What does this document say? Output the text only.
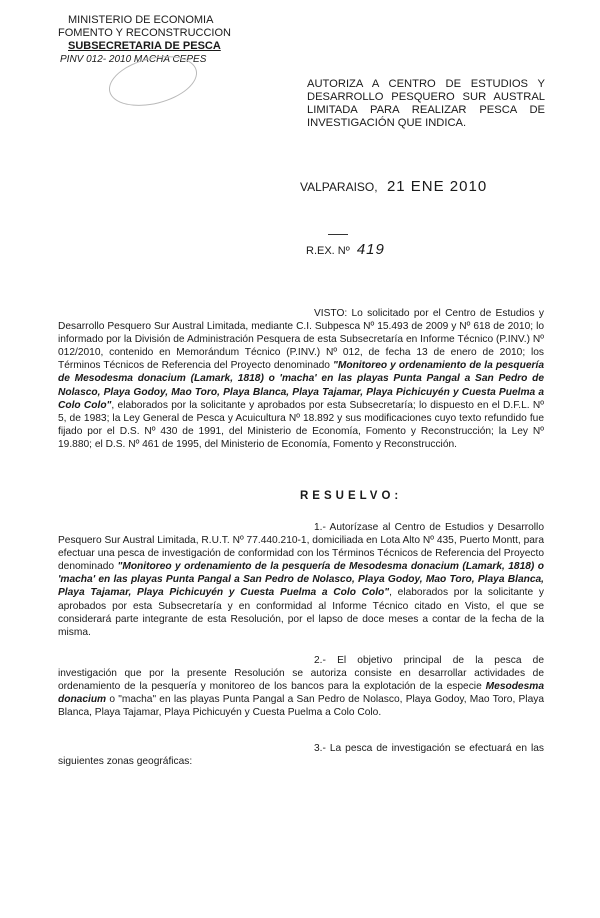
MINISTERIO DE ECONOMIA
FOMENTO Y RECONSTRUCCION
SUBSECRETARIA DE PESCA
PINV 012- 2010 MACHA CEPES
AUTORIZA A CENTRO DE ESTUDIOS Y
DESARROLLO PESQUERO SUR AUSTRAL
LIMITADA PARA REALIZAR PESCA DE
INVESTIGACIÓN QUE INDICA.
VALPARAISO, 21 ENE 2010
R.EX. Nº 419
VISTO: Lo solicitado por el Centro de Estudios y Desarrollo Pesquero Sur Austral Limitada, mediante C.I. Subpesca Nº 15.493 de 2009 y Nº 618 de 2010; lo informado por la División de Administración Pesquera de esta Subsecretaría en Informe Técnico (P.INV.) Nº 012/2010, contenido en Memorándum Técnico (P.INV.) Nº 012, de fecha 13 de enero de 2010; los Términos Técnicos de Referencia del Proyecto denominado "Monitoreo y ordenamiento de la pesquería de Mesodesma donacium (Lamark, 1818) o 'macha' en las playas Punta Pangal a San Pedro de Nolasco, Playa Godoy, Mao Toro, Playa Blanca, Playa Tajamar, Playa Pichicuyén y Cuesta Puelma a Colo Colo", elaborados por la solicitante y aprobados por esta Subsecretaría; lo dispuesto en el D.F.L. Nº 5, de 1983; la Ley General de Pesca y Acuicultura Nº 18.892 y sus modificaciones cuyo texto refundido fue fijado por el D.S. Nº 430 de 1991, del Ministerio de Economía, Fomento y Reconstrucción; la Ley Nº 19.880; el D.S. Nº 461 de 1995, del Ministerio de Economía, Fomento y Reconstrucción.
RESUELVO:
1.- Autorízase al Centro de Estudios y Desarrollo Pesquero Sur Austral Limitada, R.U.T. Nº 77.440.210-1, domiciliada en Lota Alto Nº 435, Puerto Montt, para efectuar una pesca de investigación de conformidad con los Términos Técnicos de Referencia del Proyecto denominado "Monitoreo y ordenamiento de la pesquería de Mesodesma donacium (Lamark, 1818) o 'macha' en las playas Punta Pangal a San Pedro de Nolasco, Playa Godoy, Mao Toro, Playa Blanca, Playa Tajamar, Playa Pichicuyén y Cuesta Puelma a Colo Colo", elaborados por la solicitante y aprobados por esta Subsecretaría y en conformidad al Informe Técnico citado en Visto, el que se considerará parte integrante de esta Resolución, por el lapso de doce meses a contar de la fecha de la misma.
2.- El objetivo principal de la pesca de investigación que por la presente Resolución se autoriza consiste en desarrollar actividades de ordenamiento de la pesquería y monitoreo de los bancos para la explotación de la especie Mesodesma donacium o "macha" en las playas Punta Pangal a San Pedro de Nolasco, Playa Godoy, Mao Toro, Playa Blanca, Playa Tajamar, Playa Pichicuyén y Cuesta Puelma a Colo Colo.
3.- La pesca de investigación se efectuará en las siguientes zonas geográficas:
